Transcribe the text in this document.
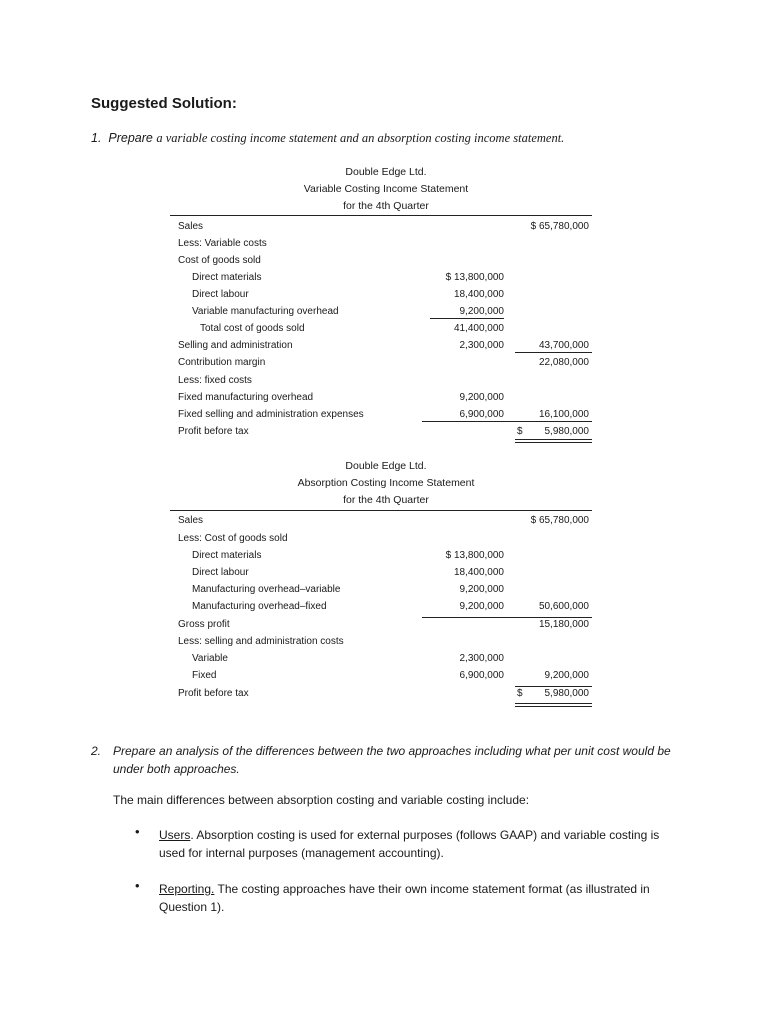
Suggested Solution:
1. Prepare a variable costing income statement and an absorption costing income statement.
Double Edge Ltd.
Variable Costing Income Statement
for the 4th Quarter
Sales	$ 65,780,000
Less: Variable costs
Cost of goods sold
Direct materials	$ 13,800,000
Direct labour	18,400,000
Variable manufacturing overhead	9,200,000
Total cost of goods sold	41,400,000
Selling and administration	2,300,000	43,700,000
Contribution margin	22,080,000
Less: fixed costs
Fixed manufacturing overhead	9,200,000
Fixed selling and administration expenses	6,900,000	16,100,000
Profit before tax	5,980,000
$
Double Edge Ltd.
Absorption Costing Income Statement
for the 4th Quarter
Sales	$ 65,780,000
Less: Cost of goods sold
Direct materials	$ 13,800,000
Direct labour	18,400,000
Manufacturing overhead–variable	9,200,000
Manufacturing overhead–fixed	9,200,000	50,600,000
Gross profit	15,180,000
Less: selling and administration costs
Variable	2,300,000
Fixed	6,900,000	9,200,000
Profit before tax	5,980,000
$
2. Prepare an analysis of the differences between the two approaches including what per unit cost would be under both approaches.
The main differences between absorption costing and variable costing include:
• Users. Absorption costing is used for external purposes (follows GAAP) and variable costing is used for internal purposes (management accounting).
• Reporting. The costing approaches have their own income statement format (as illustrated in Question 1).
